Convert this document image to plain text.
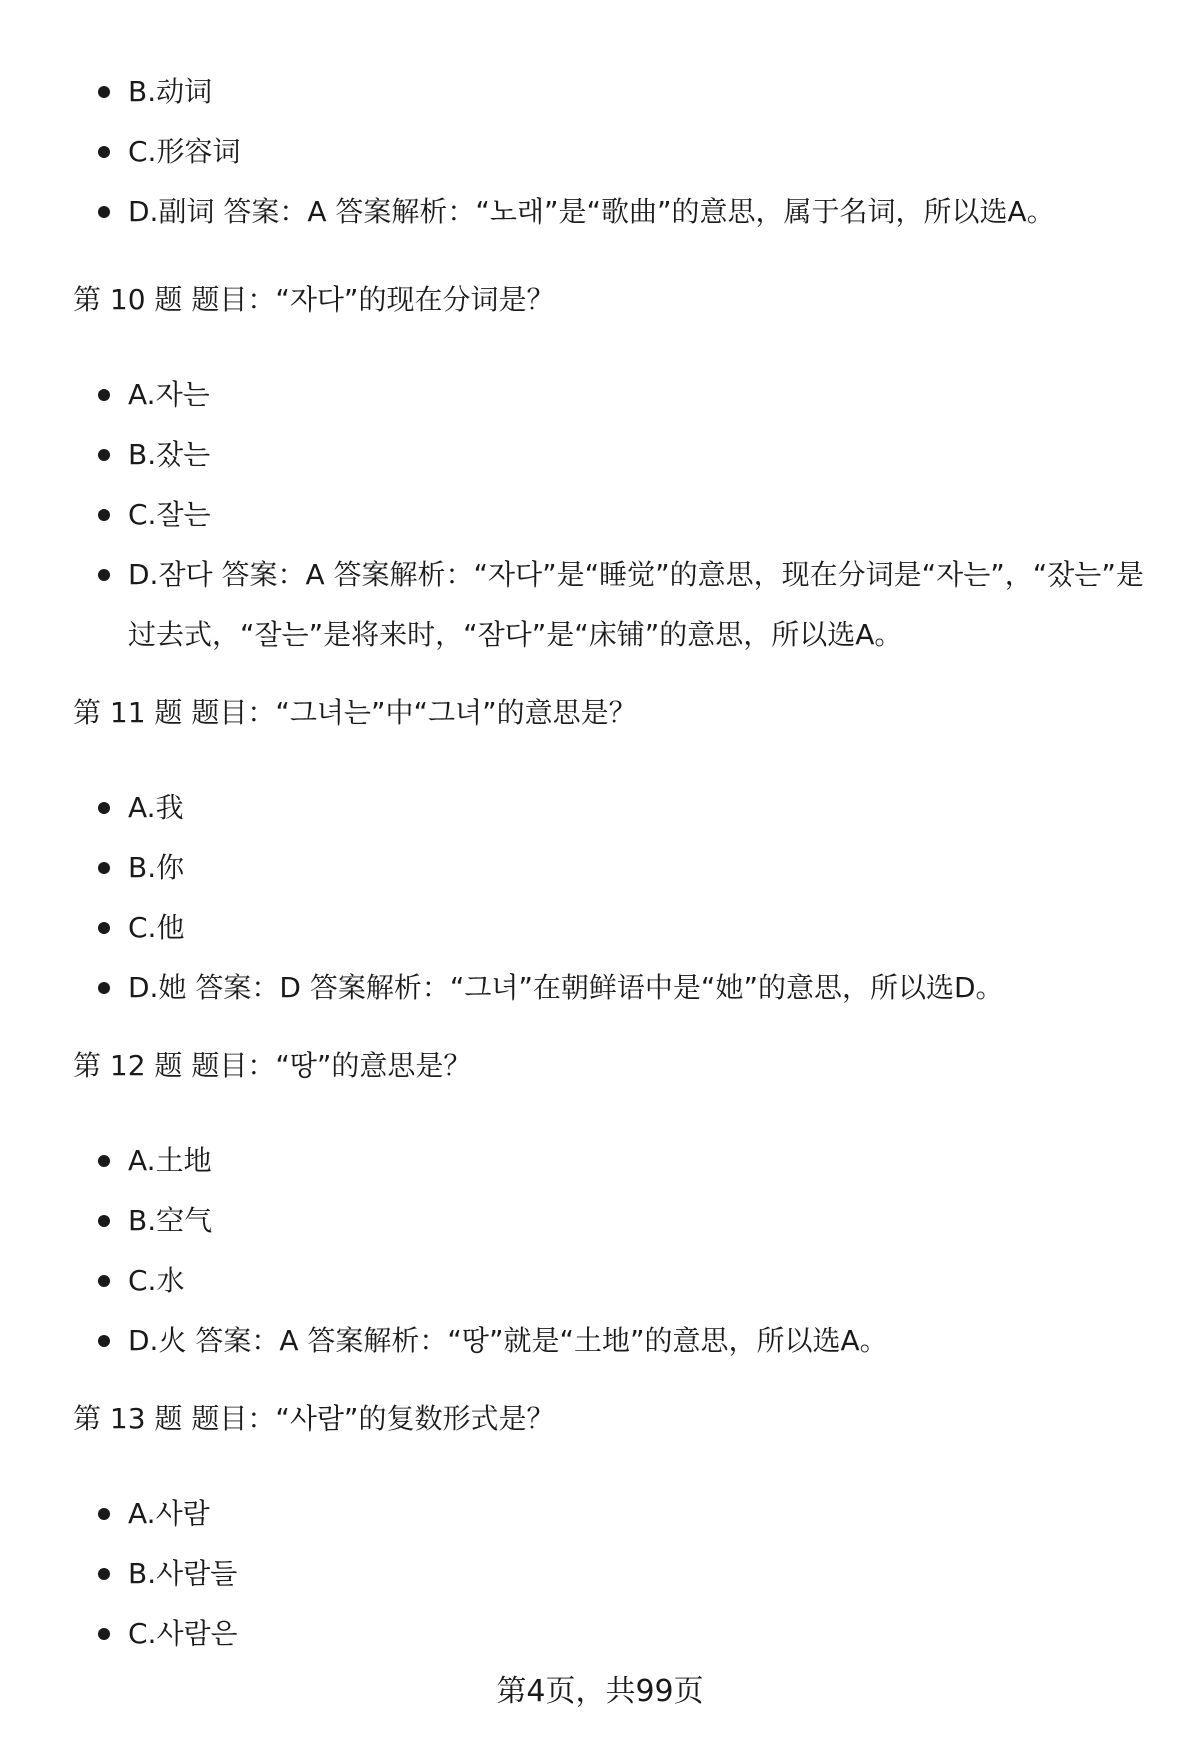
B.动词
C.形容词
D.副词 答案：A 答案解析：“노래”是“歌曲”的意思，属于名词，所以选A。
第 10 题 题目：“자다”的现在分词是？
A.자는
B.잤는
C.잘는
D.잠다 答案：A 答案解析：“자다”是“睡觉”的意思，现在分词是“자는”，“잤는”是过去式，“잘는”是将来时，“잠다”是“床铺”的意思，所以选A。
第 11 题 题目：“그녀는”中“그녀”的意思是？
A.我
B.你
C.他
D.她 答案：D 答案解析：“그녀”在朝鲜语中是“她”的意思，所以选D。
第 12 题 题目：“땅”的意思是？
A.土地
B.空气
C.水
D.火 答案：A 答案解析：“땅”就是“土地”的意思，所以选A。
第 13 题 题目：“사람”的复数形式是？
A.사람
B.사람들
C.사람은
第4页，共99页
